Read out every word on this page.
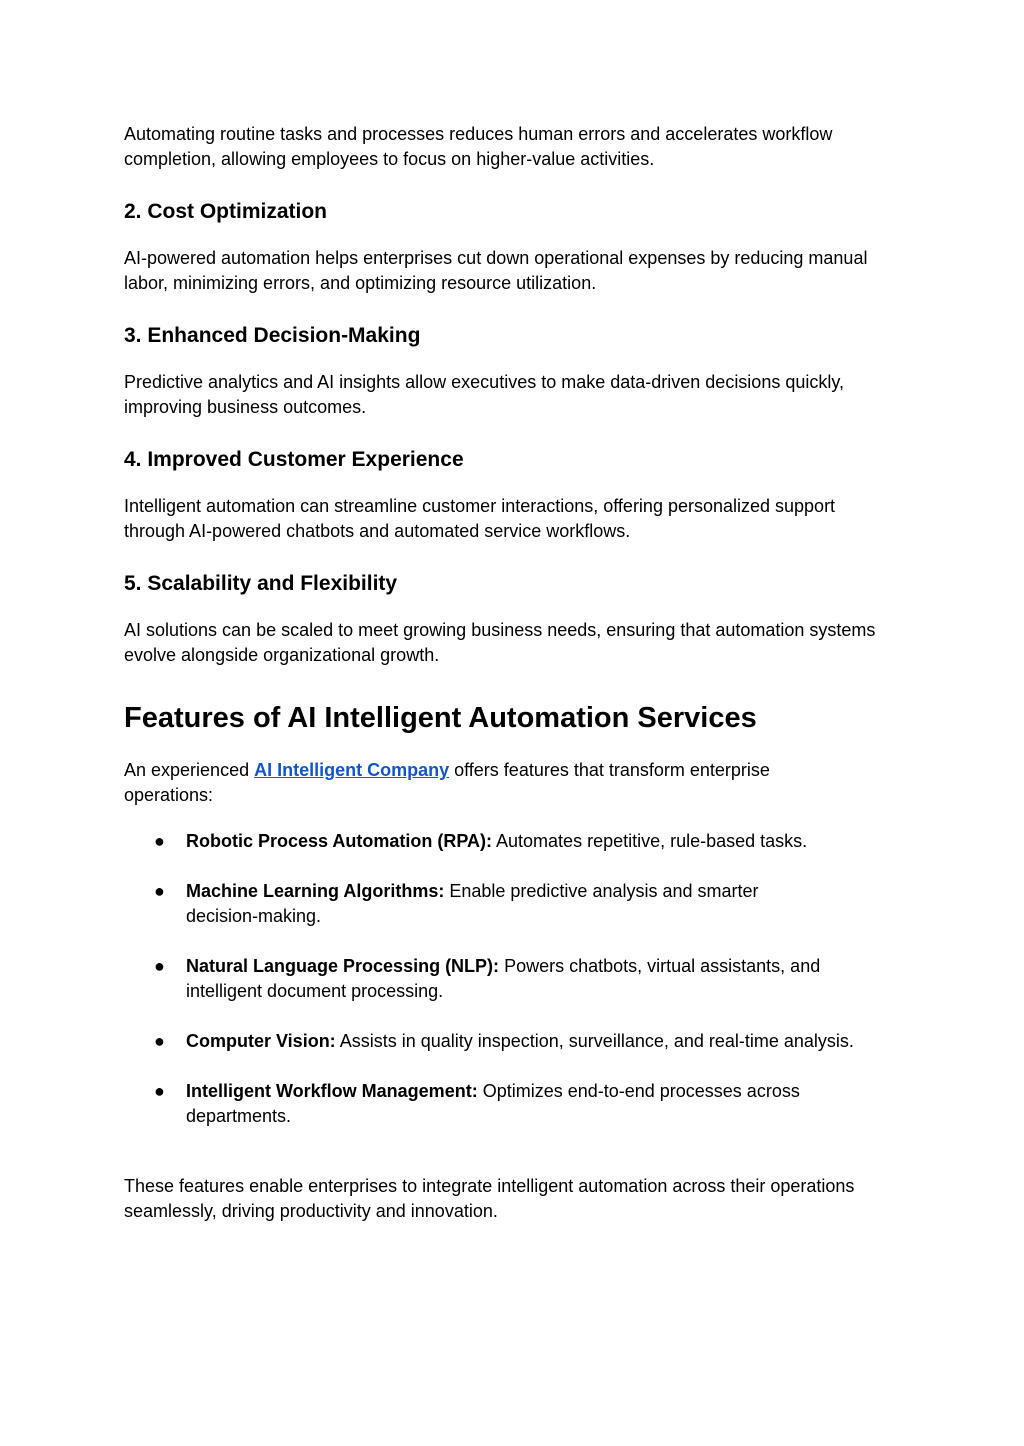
Automating routine tasks and processes reduces human errors and accelerates workflow completion, allowing employees to focus on higher-value activities.

2. Cost Optimization

AI-powered automation helps enterprises cut down operational expenses by reducing manual labor, minimizing errors, and optimizing resource utilization.

3. Enhanced Decision-Making

Predictive analytics and AI insights allow executives to make data-driven decisions quickly, improving business outcomes.

4. Improved Customer Experience

Intelligent automation can streamline customer interactions, offering personalized support through AI-powered chatbots and automated service workflows.

5. Scalability and Flexibility

AI solutions can be scaled to meet growing business needs, ensuring that automation systems evolve alongside organizational growth.

Features of AI Intelligent Automation Services

An experienced AI Intelligent Company offers features that transform enterprise operations:

● Robotic Process Automation (RPA): Automates repetitive, rule-based tasks.
● Machine Learning Algorithms: Enable predictive analysis and smarter decision-making.
● Natural Language Processing (NLP): Powers chatbots, virtual assistants, and intelligent document processing.
● Computer Vision: Assists in quality inspection, surveillance, and real-time analysis.
● Intelligent Workflow Management: Optimizes end-to-end processes across departments.

These features enable enterprises to integrate intelligent automation across their operations seamlessly, driving productivity and innovation.
